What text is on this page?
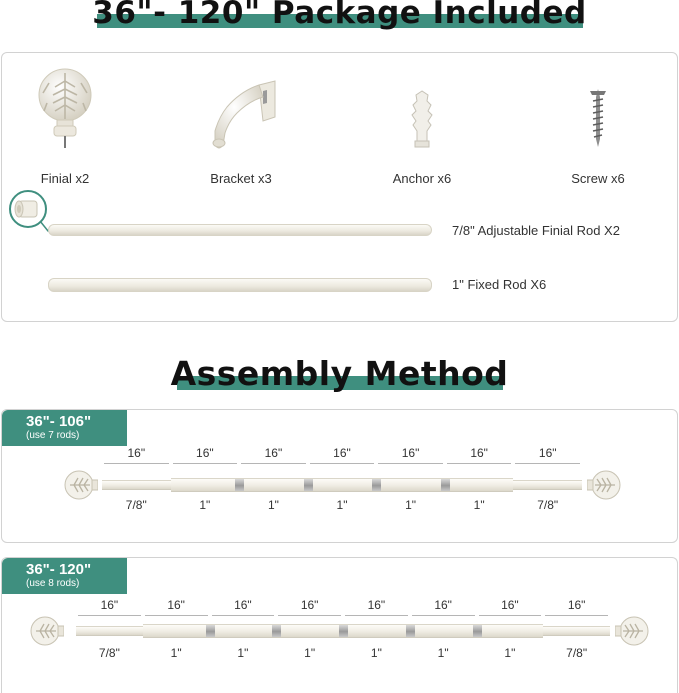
36"- 120" Package Included
Finial x2	Bracket x3	Anchor x6	Screw x6
7/8" Adjustable Finial Rod X2
1" Fixed Rod X6
Assembly Method
36"- 106"
(use 7 rods)
16"
7/8"
16"
1"
16"
1"
16"
1"
16"
1"
16"
1"
16"
7/8"
36"- 120"
(use 8 rods)
16"
7/8"
16"
1"
16"
1"
16"
1"
16"
1"
16"
1"
16"
1"
16"
7/8"
